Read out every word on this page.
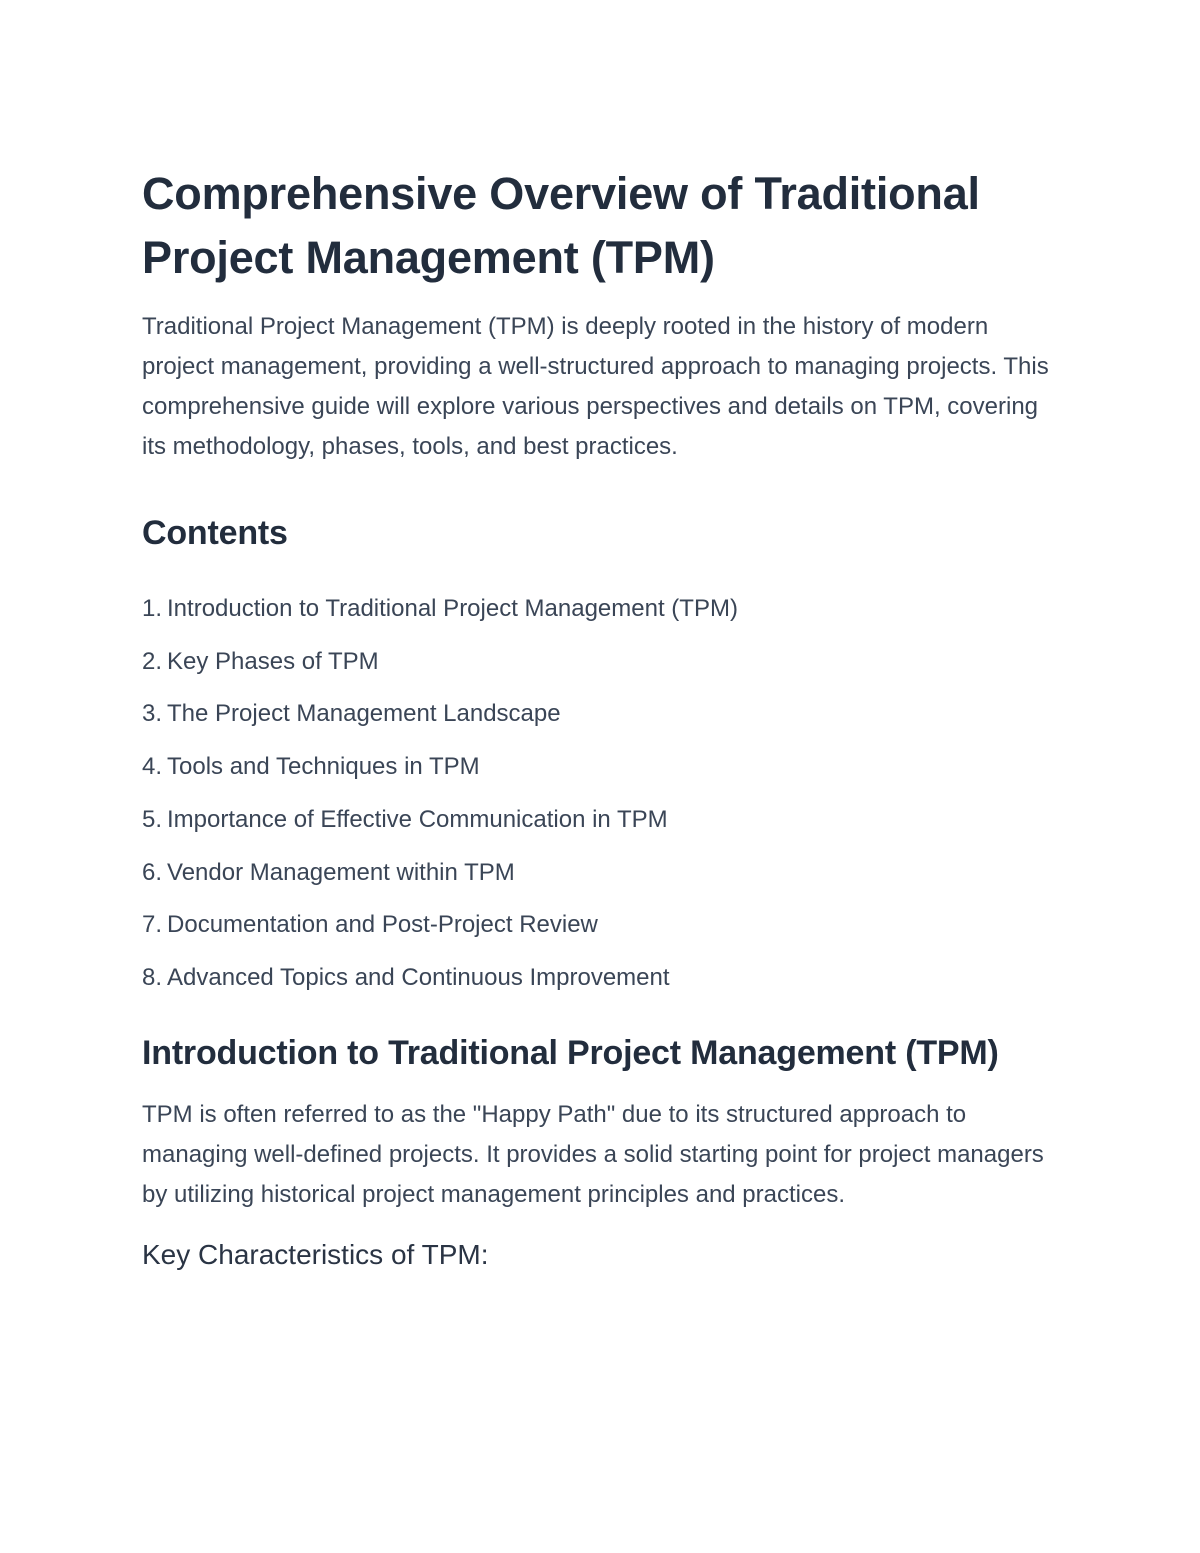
Comprehensive Overview of Traditional Project Management (TPM)

Traditional Project Management (TPM) is deeply rooted in the history of modern project management, providing a well-structured approach to managing projects. This comprehensive guide will explore various perspectives and details on TPM, covering its methodology, phases, tools, and best practices.

Contents
1. Introduction to Traditional Project Management (TPM)
2. Key Phases of TPM
3. The Project Management Landscape
4. Tools and Techniques in TPM
5. Importance of Effective Communication in TPM
6. Vendor Management within TPM
7. Documentation and Post-Project Review
8. Advanced Topics and Continuous Improvement
Introduction to Traditional Project Management (TPM)

TPM is often referred to as the "Happy Path" due to its structured approach to managing well-defined projects. It provides a solid starting point for project managers by utilizing historical project management principles and practices.

Key Characteristics of TPM:
